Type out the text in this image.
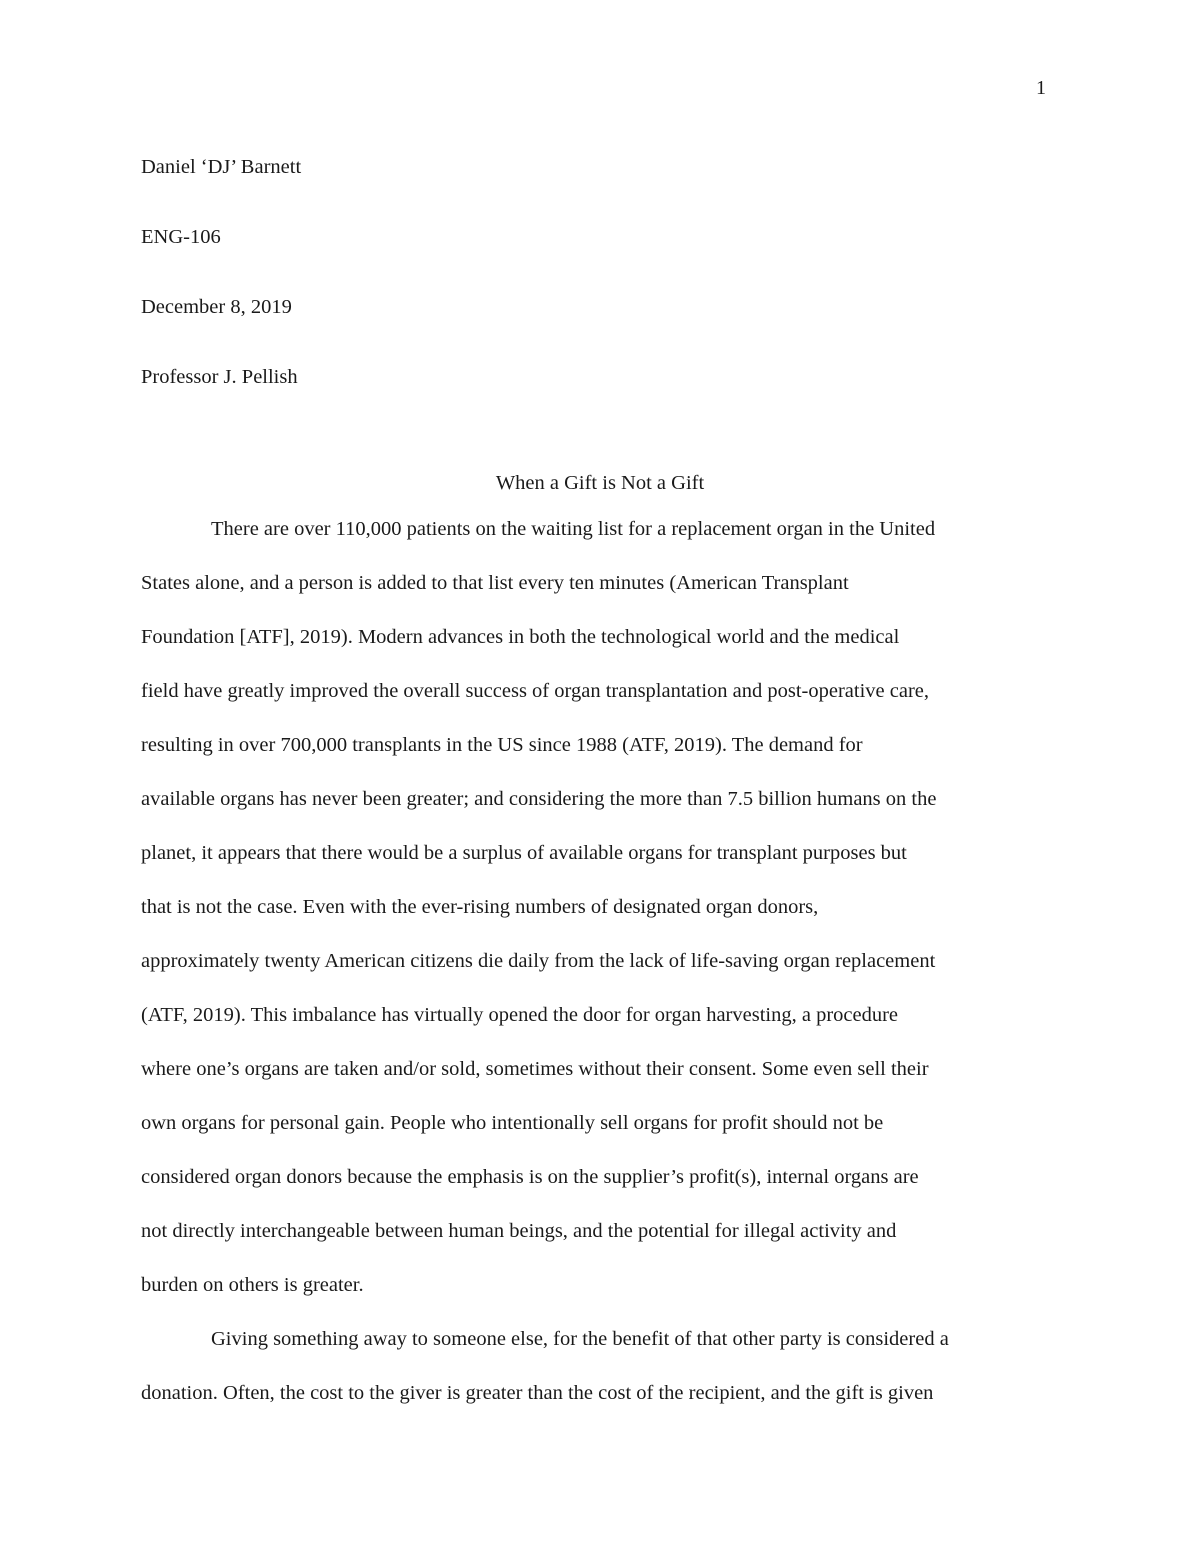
1
Daniel ‘DJ’ Barnett
ENG-106
December 8, 2019
Professor J. Pellish
When a Gift is Not a Gift

There are over 110,000 patients on the waiting list for a replacement organ in the United
States alone, and a person is added to that list every ten minutes (American Transplant
Foundation [ATF], 2019). Modern advances in both the technological world and the medical
field have greatly improved the overall success of organ transplantation and post-operative care,
resulting in over 700,000 transplants in the US since 1988 (ATF, 2019). The demand for
available organs has never been greater; and considering the more than 7.5 billion humans on the
planet, it appears that there would be a surplus of available organs for transplant purposes but
that is not the case. Even with the ever-rising numbers of designated organ donors,
approximately twenty American citizens die daily from the lack of life-saving organ replacement
(ATF, 2019). This imbalance has virtually opened the door for organ harvesting, a procedure
where one’s organs are taken and/or sold, sometimes without their consent. Some even sell their
own organs for personal gain. People who intentionally sell organs for profit should not be
considered organ donors because the emphasis is on the supplier’s profit(s), internal organs are
not directly interchangeable between human beings, and the potential for illegal activity and
burden on others is greater.

Giving something away to someone else, for the benefit of that other party is considered a
donation. Often, the cost to the giver is greater than the cost of the recipient, and the gift is given
